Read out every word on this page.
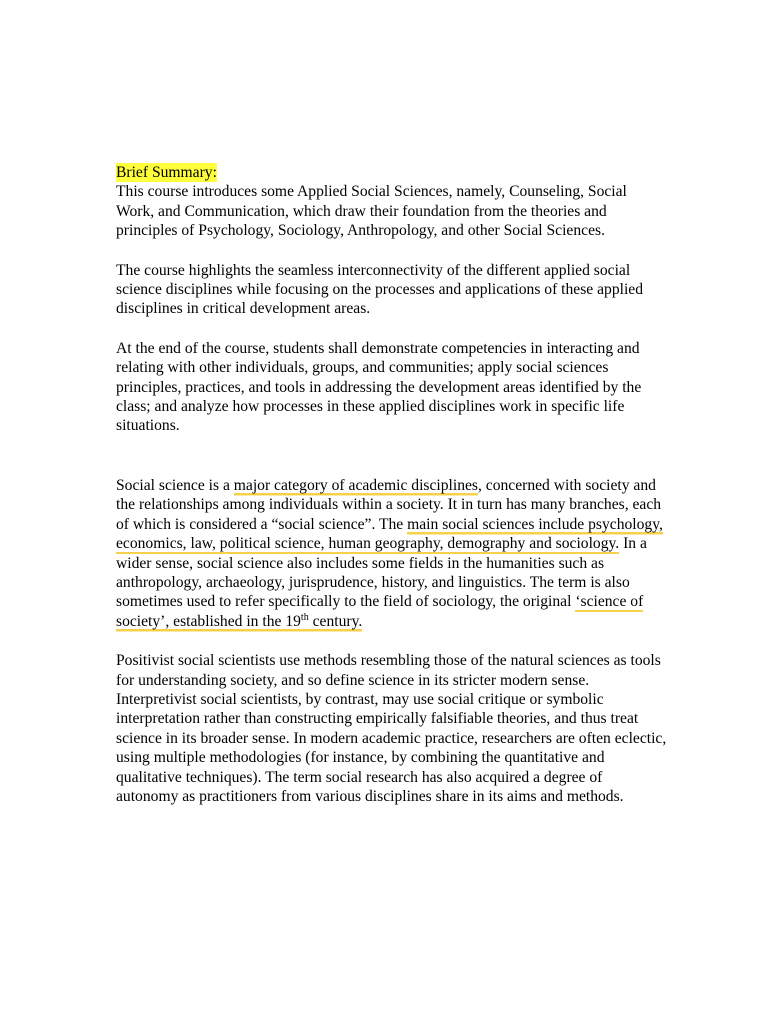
Brief Summary:

This course introduces some Applied Social Sciences, namely, Counseling, Social Work, and Communication, which draw their foundation from the theories and principles of Psychology, Sociology, Anthropology, and other Social Sciences.

The course highlights the seamless interconnectivity of the different applied social science disciplines while focusing on the processes and applications of these applied disciplines in critical development areas.

At the end of the course, students shall demonstrate competencies in interacting and relating with other individuals, groups, and communities; apply social sciences principles, practices, and tools in addressing the development areas identified by the class; and analyze how processes in these applied disciplines work in specific life situations.

Social science is a major category of academic disciplines, concerned with society and the relationships among individuals within a society. It in turn has many branches, each of which is considered a “social science”. The main social sciences include psychology, economics, law, political science, human geography, demography and sociology. In a wider sense, social science also includes some fields in the humanities such as anthropology, archaeology, jurisprudence, history, and linguistics. The term is also sometimes used to refer specifically to the field of sociology, the original ‘science of society’, established in the 19th century.

Positivist social scientists use methods resembling those of the natural sciences as tools for understanding society, and so define science in its stricter modern sense. Interpretivist social scientists, by contrast, may use social critique or symbolic interpretation rather than constructing empirically falsifiable theories, and thus treat science in its broader sense. In modern academic practice, researchers are often eclectic, using multiple methodologies (for instance, by combining the quantitative and qualitative techniques). The term social research has also acquired a degree of autonomy as practitioners from various disciplines share in its aims and methods.
